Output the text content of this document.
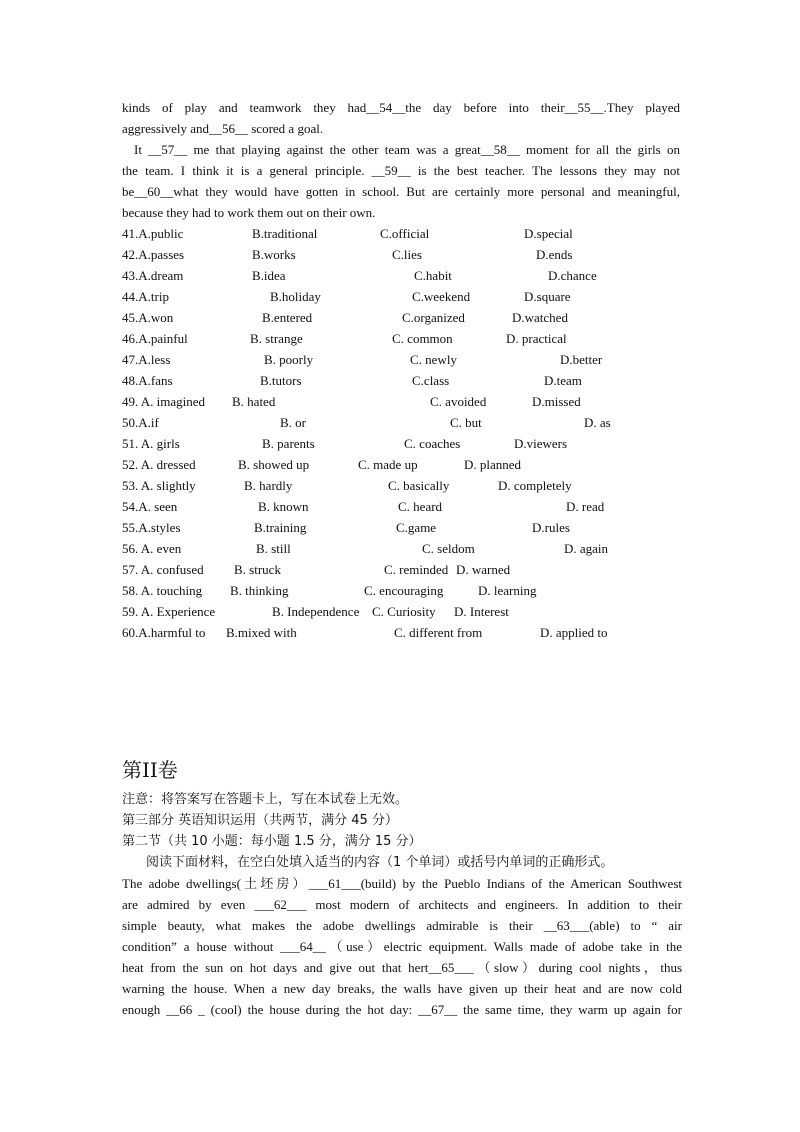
kinds of play and teamwork they had__54__the day before into their__55__.They played
aggressively and__56__ scored a goal.
It __57__ me that playing against the other team was a great__58__ moment for all the girls on
the team. I think it is a general principle. __59__ is the best teacher. The lessons they may not
be__60__what they would have gotten in school. But are certainly more personal and meaningful,
because they had to work them out on their own.
41.A.public	B.traditional	C.official	D.special
42.A.passes	B.works	C.lies	D.ends
43.A.dream	B.idea	C.habit	D.chance
44.A.trip	B.holiday	C.weekend	D.square
45.A.won	B.entered	C.organized	D.watched
46.A.painful	B. strange	C. common	D. practical
47.A.less	B. poorly	C. newly	D.better
48.A.fans	B.tutors	C.class	D.team
49. A. imagined B. hated	C. avoided	D.missed
50.A.if	B. or	C. but	D. as
51. A. girls	B. parents	C. coaches	D.viewers
52. A. dressed	B. showed up	C. made up	D. planned
53. A. slightly	B. hardly	C. basically	D. completely
54.A. seen	B. known	C. heard	D. read
55.A.styles	B.training	C.game	D.rules
56. A. even	B. still	C. seldom	D. again
57. A. confused B. struck	C. reminded D. warned
58. A. touching B. thinking	C. encouraging	D. learning
59. A. Experience	B. Independence C. Curiosity D. Interest
60.A.harmful to B.mixed with	C. different from	D. applied to
第II卷

注意：将答案写在答题卡上，写在本试卷上无效。

第三部分 英语知识运用（共两节，满分 45 分）

第二节（共 10 小题：每小题 1.5 分，满分 15 分）

阅读下面材料，在空白处填入适当的内容（1 个单词）或括号内单词的正确形式。

The adobe dwellings(土坯房）___61___(build) by the Pueblo Indians of the American Southwest
are admired by even ___62___ most modern of architects and engineers. In addition to their
simple beauty, what makes the adobe dwellings admirable is their __63___(able) to “ air
condition” a house without ___64__（use）electric equipment. Walls made of adobe take in the
heat from the sun on hot days and give out that hert__65___（slow）during cool nights，thus
warning the house. When a new day breaks, the walls have given up their heat and are now cold
enough __66 _ (cool) the house during the hot day: __67__ the same time, they warm up again for
